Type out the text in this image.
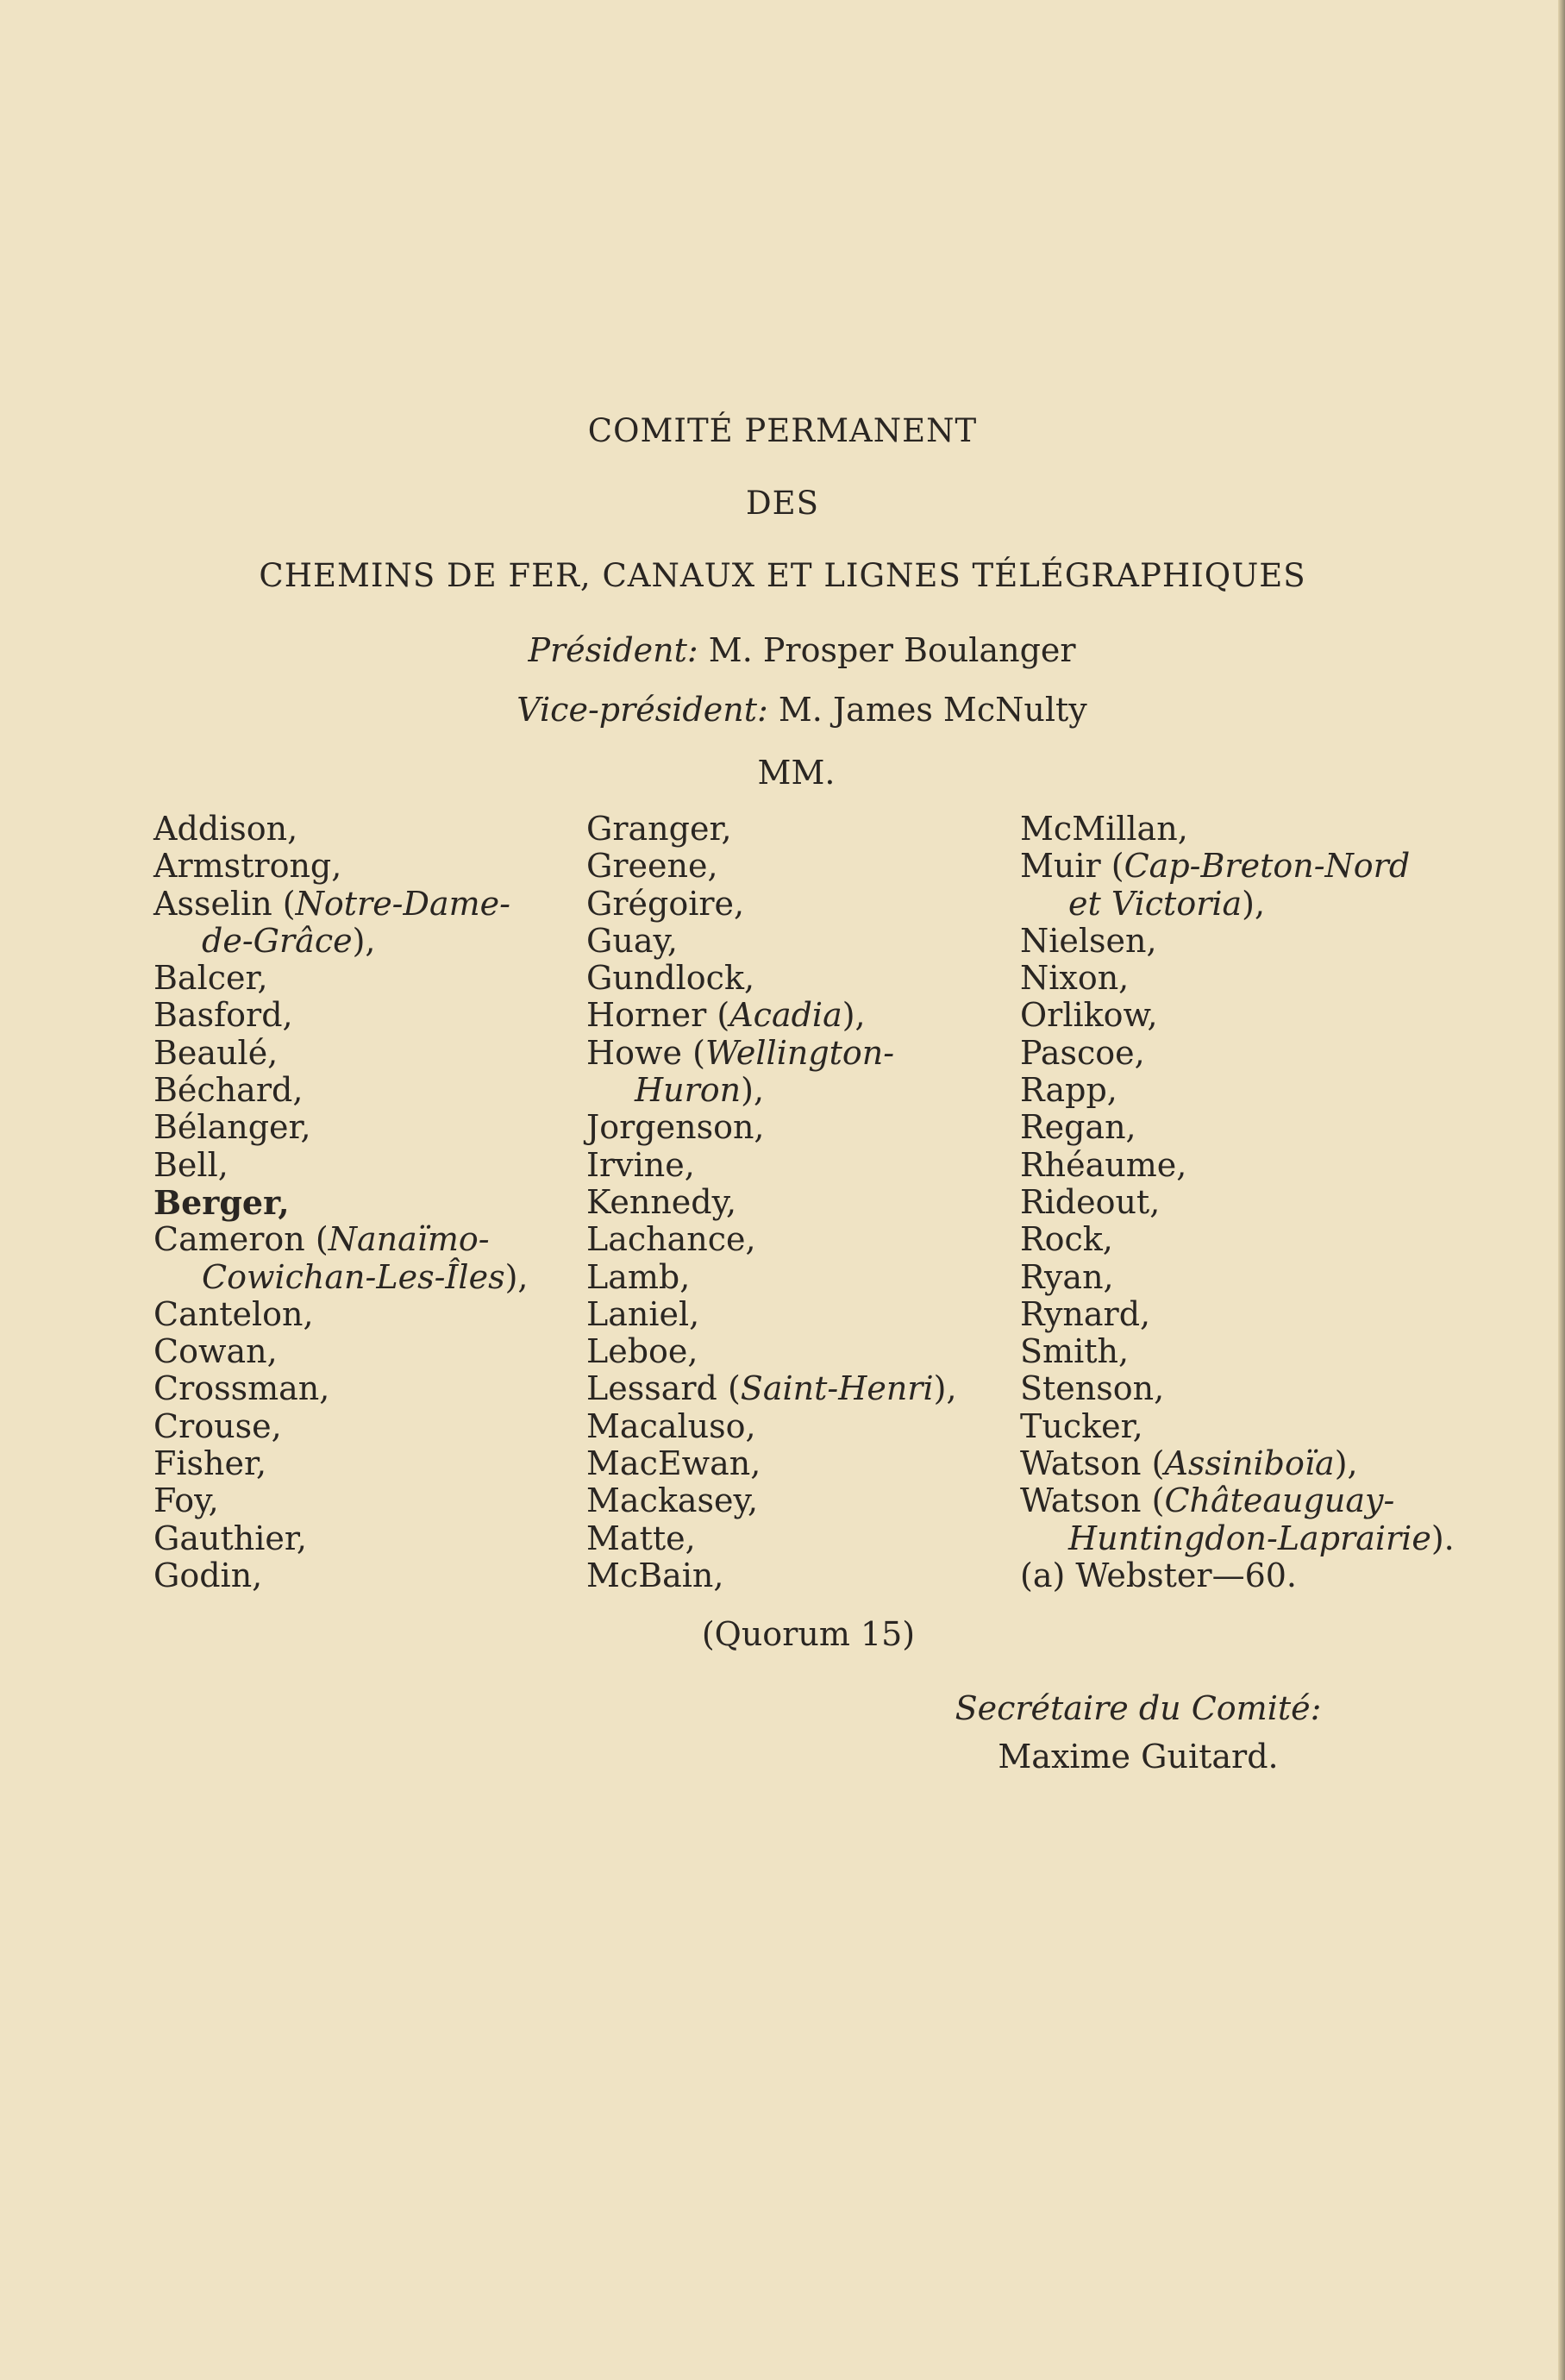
COMITÉ PERMANENT
DES
CHEMINS DE FER, CANAUX ET LIGNES TÉLÉGRAPHIQUES
Président: M. Prosper Boulanger
Vice-président: M. James McNulty
MM.
Addison,
Armstrong,
Asselin (Notre-Dame-
de-Grâce),
Balcer,
Basford,
Beaulé,
Béchard,
Bélanger,
Bell,
Berger,
Cameron (Nanaïmo-
Cowichan-Les-Îles),
Cantelon,
Cowan,
Crossman,
Crouse,
Fisher,
Foy,
Gauthier,
Godin,
Granger,
Greene,
Grégoire,
Guay,
Gundlock,
Horner (Acadia),
Howe (Wellington-
Huron),
Jorgenson,
Irvine,
Kennedy,
Lachance,
Lamb,
Laniel,
Leboe,
Lessard (Saint-Henri),
Macaluso,
MacEwan,
Mackasey,
Matte,
McBain,
McMillan,
Muir (Cap-Breton-Nord
et Victoria),
Nielsen,
Nixon,
Orlikow,
Pascoe,
Rapp,
Regan,
Rhéaume,
Rideout,
Rock,
Ryan,
Rynard,
Smith,
Stenson,
Tucker,
Watson (Assiniboïa),
Watson (Châteauguay-
Huntingdon-Laprairie).
(a) Webster—60.
(Quorum 15)
Secrétaire du Comité:
Maxime Guitard.
